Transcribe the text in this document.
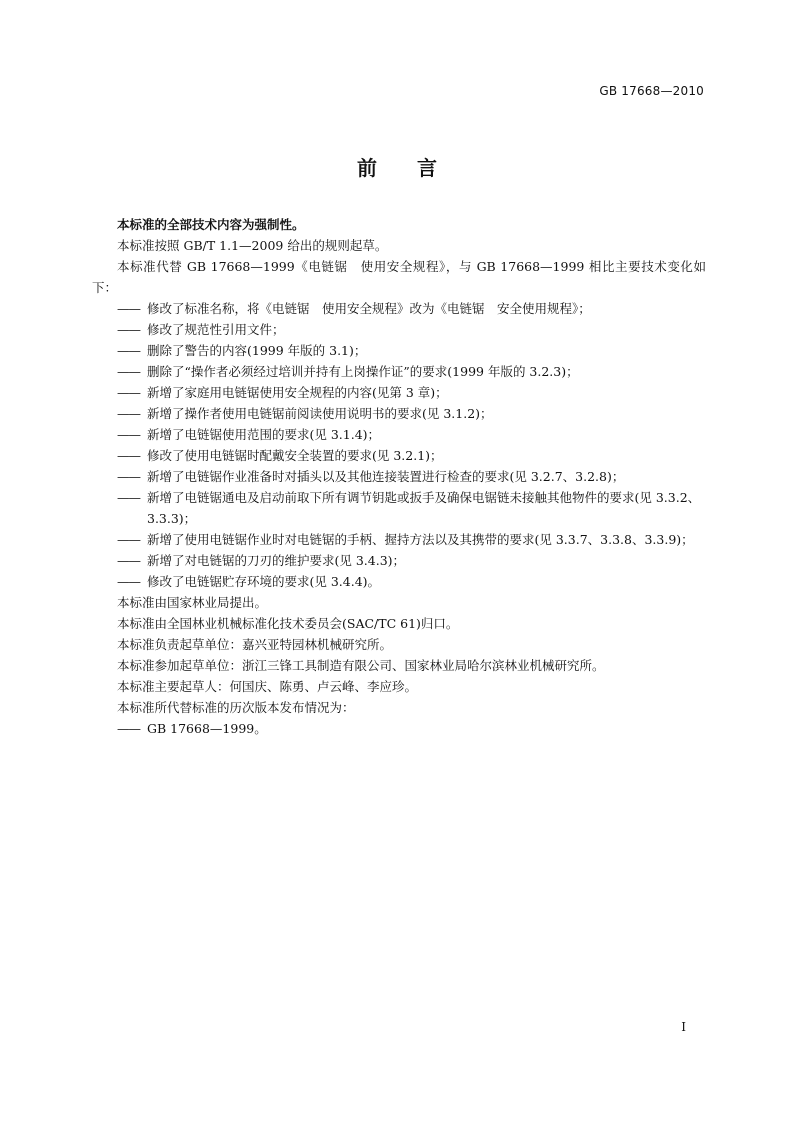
GB 17668—2010
前言

本标准的全部技术内容为强制性。

本标准按照 GB/T 1.1—2009 给出的规则起草。

本标准代替 GB 17668—1999《电链锯　使用安全规程》，与 GB 17668—1999 相比主要技术变化如下：

—— 修改了标准名称，将《电链锯　使用安全规程》改为《电链锯　安全使用规程》；

—— 修改了规范性引用文件；

—— 删除了警告的内容(1999 年版的 3.1)；

—— 删除了“操作者必须经过培训并持有上岗操作证”的要求(1999 年版的 3.2.3)；

—— 新增了家庭用电链锯使用安全规程的内容(见第 3 章)；

—— 新增了操作者使用电链锯前阅读使用说明书的要求(见 3.1.2)；

—— 新增了电链锯使用范围的要求(见 3.1.4)；

—— 修改了使用电链锯时配戴安全装置的要求(见 3.2.1)；

—— 新增了电链锯作业准备时对插头以及其他连接装置进行检查的要求(见 3.2.7、3.2.8)；

—— 新增了电链锯通电及启动前取下所有调节钥匙或扳手及确保电锯链未接触其他物件的要求(见 3.3.2、3.3.3)；

—— 新增了使用电链锯作业时对电链锯的手柄、握持方法以及其携带的要求(见 3.3.7、3.3.8、3.3.9)；

—— 新增了对电链锯的刀刃的维护要求(见 3.4.3)；

—— 修改了电链锯贮存环境的要求(见 3.4.4)。

本标准由国家林业局提出。

本标准由全国林业机械标准化技术委员会(SAC/TC 61)归口。

本标准负责起草单位：嘉兴亚特园林机械研究所。

本标准参加起草单位：浙江三锋工具制造有限公司、国家林业局哈尔滨林业机械研究所。

本标准主要起草人：何国庆、陈勇、卢云峰、李应珍。

本标准所代替标准的历次版本发布情况为：

—— GB 17668—1999。

I
